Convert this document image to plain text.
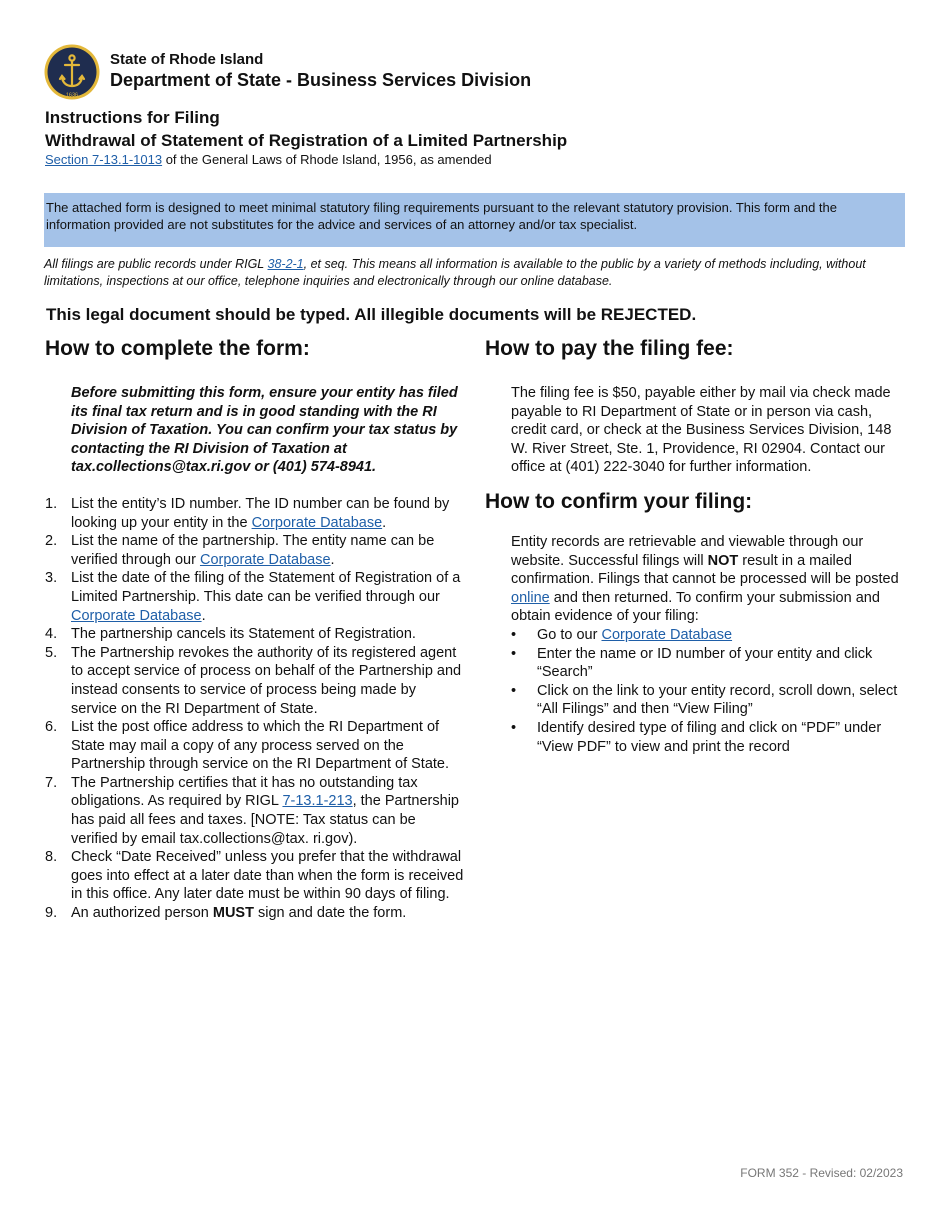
1636
State of Rhode Island
Department of State - Business Services Division
Instructions for Filing
Withdrawal of Statement of Registration of a Limited Partnership
Section 7-13.1-1013 of the General Laws of Rhode Island, 1956, as amended
The attached form is designed to meet minimal statutory filing requirements pursuant to the relevant statutory provision. This form and the information provided are not substitutes for the advice and services of an attorney and/or tax specialist.
All filings are public records under RIGL 38-2-1, et seq. This means all information is available to the public by a variety of methods including, without limitations, inspections at our office, telephone inquiries and electronically through our online database.
This legal document should be typed. All illegible documents will be REJECTED.
How to complete the form:
Before submitting this form, ensure your entity has filed its final tax return and is in good standing with the RI Division of Taxation. You can confirm your tax status by contacting the RI Division of Taxation at tax.collections@tax.ri.gov or (401) 574-8941.
1. List the entity’s ID number. The ID number can be found by looking up your entity in the Corporate Database.
2. List the name of the partnership. The entity name can be verified through our Corporate Database.
3. List the date of the filing of the Statement of Registration of a Limited Partnership. This date can be verified through our Corporate Database.
4. The partnership cancels its Statement of Registration.
5. The Partnership revokes the authority of its registered agent to accept service of process on behalf of the Partnership and instead consents to service of process being made by service on the RI Department of State.
6. List the post office address to which the RI Department of State may mail a copy of any process served on the Partnership through service on the RI Department of State.
7. The Partnership certifies that it has no outstanding tax obligations. As required by RIGL 7-13.1-213, the Partnership has paid all fees and taxes. [NOTE: Tax status can be verified by email tax.collections@tax. ri.gov).
8. Check “Date Received” unless you prefer that the withdrawal goes into effect at a later date than when the form is received in this office. Any later date must be within 90 days of filing.
9. An authorized person MUST sign and date the form.
How to pay the filing fee:
The filing fee is $50, payable either by mail via check made payable to RI Department of State or in person via cash, credit card, or check at the Business Services Division, 148 W. River Street, Ste. 1, Providence, RI 02904. Contact our office at (401) 222-3040 for further information.
How to confirm your filing:
Entity records are retrievable and viewable through our website. Successful filings will NOT result in a mailed confirmation. Filings that cannot be processed will be posted online and then returned. To confirm your submission and obtain evidence of your filing:
• Go to our Corporate Database
• Enter the name or ID number of your entity and click “Search”
• Click on the link to your entity record, scroll down, select “All Filings” and then “View Filing”
• Identify desired type of filing and click on “PDF” under “View PDF” to view and print the record
FORM 352 - Revised: 02/2023
